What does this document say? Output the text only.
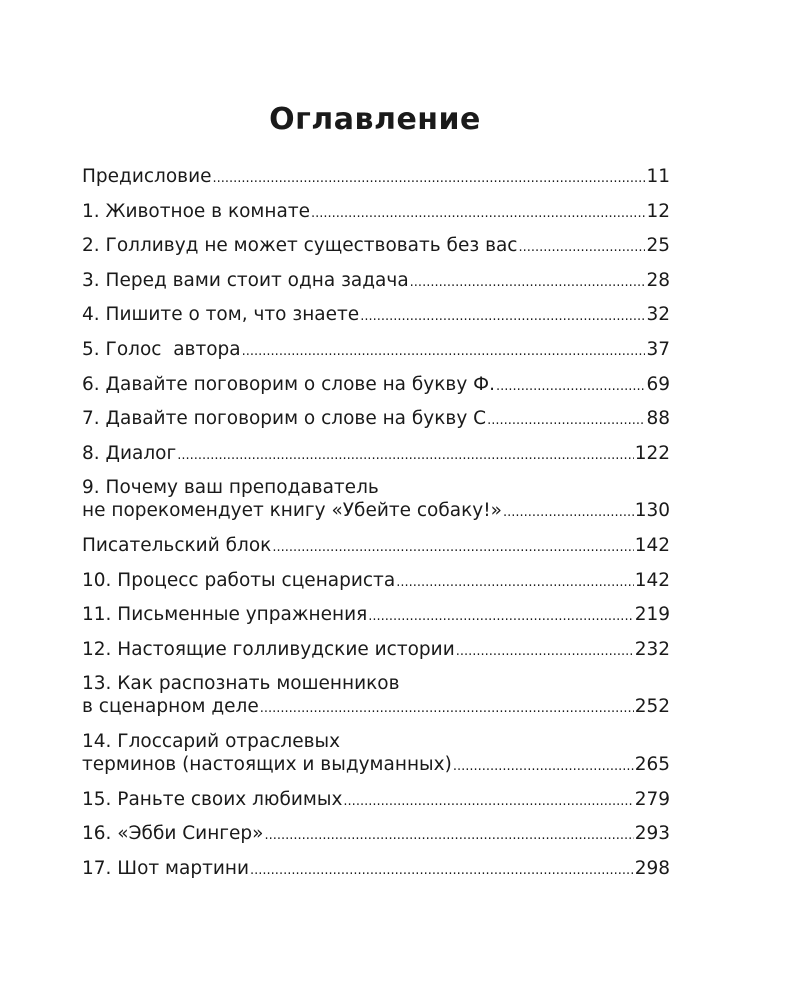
Оглавление
Предисловие .....	11
1. Животное в комнате .....	12
2. Голливуд не может существовать без вас .....	25
3. Перед вами стоит одна задача .....	28
4. Пишите о том, что знаете .....	32
5. Голос  автора .....	37
6. Давайте поговорим о слове на букву Ф. .....	69
7. Давайте поговорим о слове на букву С .....	88
8. Диалог .....	122
9. Почему ваш преподаватель
не порекомендует книгу «Убейте собаку!» .....	130
Писательский блок .....	142
10. Процесс работы сценариста .....	142
11. Письменные упражнения .....	219
12. Настоящие голливудские истории .....	232
13. Как распознать мошенников
в сценарном деле .....	252
14. Глоссарий отраслевых
терминов (настоящих и выдуманных) .....	265
15. Раньте своих любимых .....	279
16. «Эбби Сингер» .....	293
17. Шот мартини .....	298
